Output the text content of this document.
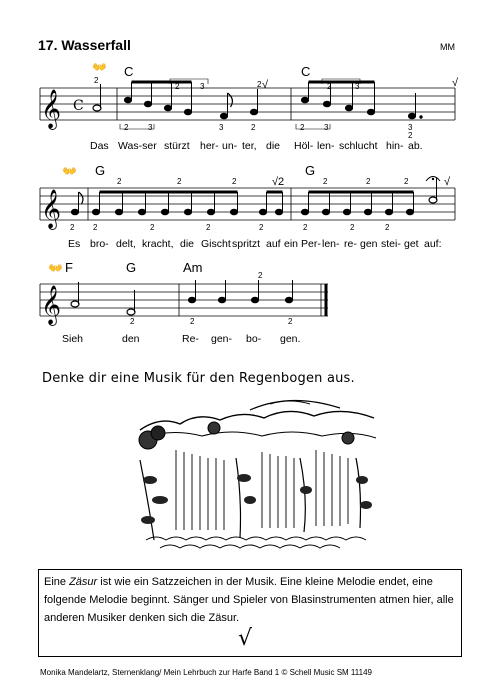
17. Wasserfall	MM
𝄞 C
2
2	3	2	2	3
2 3	3	2	2 3	3
2
√	√
👐
𝄞
2	2	2	2	2	2
2 2	2	2	2	2	2	2
√2	√
👐
𝄞
2
2	2	2
👐
C	C
G	G
F	G	Am
Das Was-ser stürzt her- un- ter, die Höl- len- schlucht hin- ab.
Es bro- delt, kracht, die Gischt spritzt auf ein Per- len- re- gen stei- get auf:
Sieh	den	Re- gen- bo- gen.
Denke dir eine Musik für den Regenbogen aus.
Eine Zäsur ist wie ein Satzzeichen in der Musik. Eine kleine Melodie endet, eine folgende Melodie beginnt. Sänger und Spieler von Blasinstrumenten atmen hier, alle anderen Musiker denken sich die Zäsur.
√
Monika Mandelartz, Sternenklang/ Mein Lehrbuch zur Harfe Band 1 © Schell Music SM 11149
